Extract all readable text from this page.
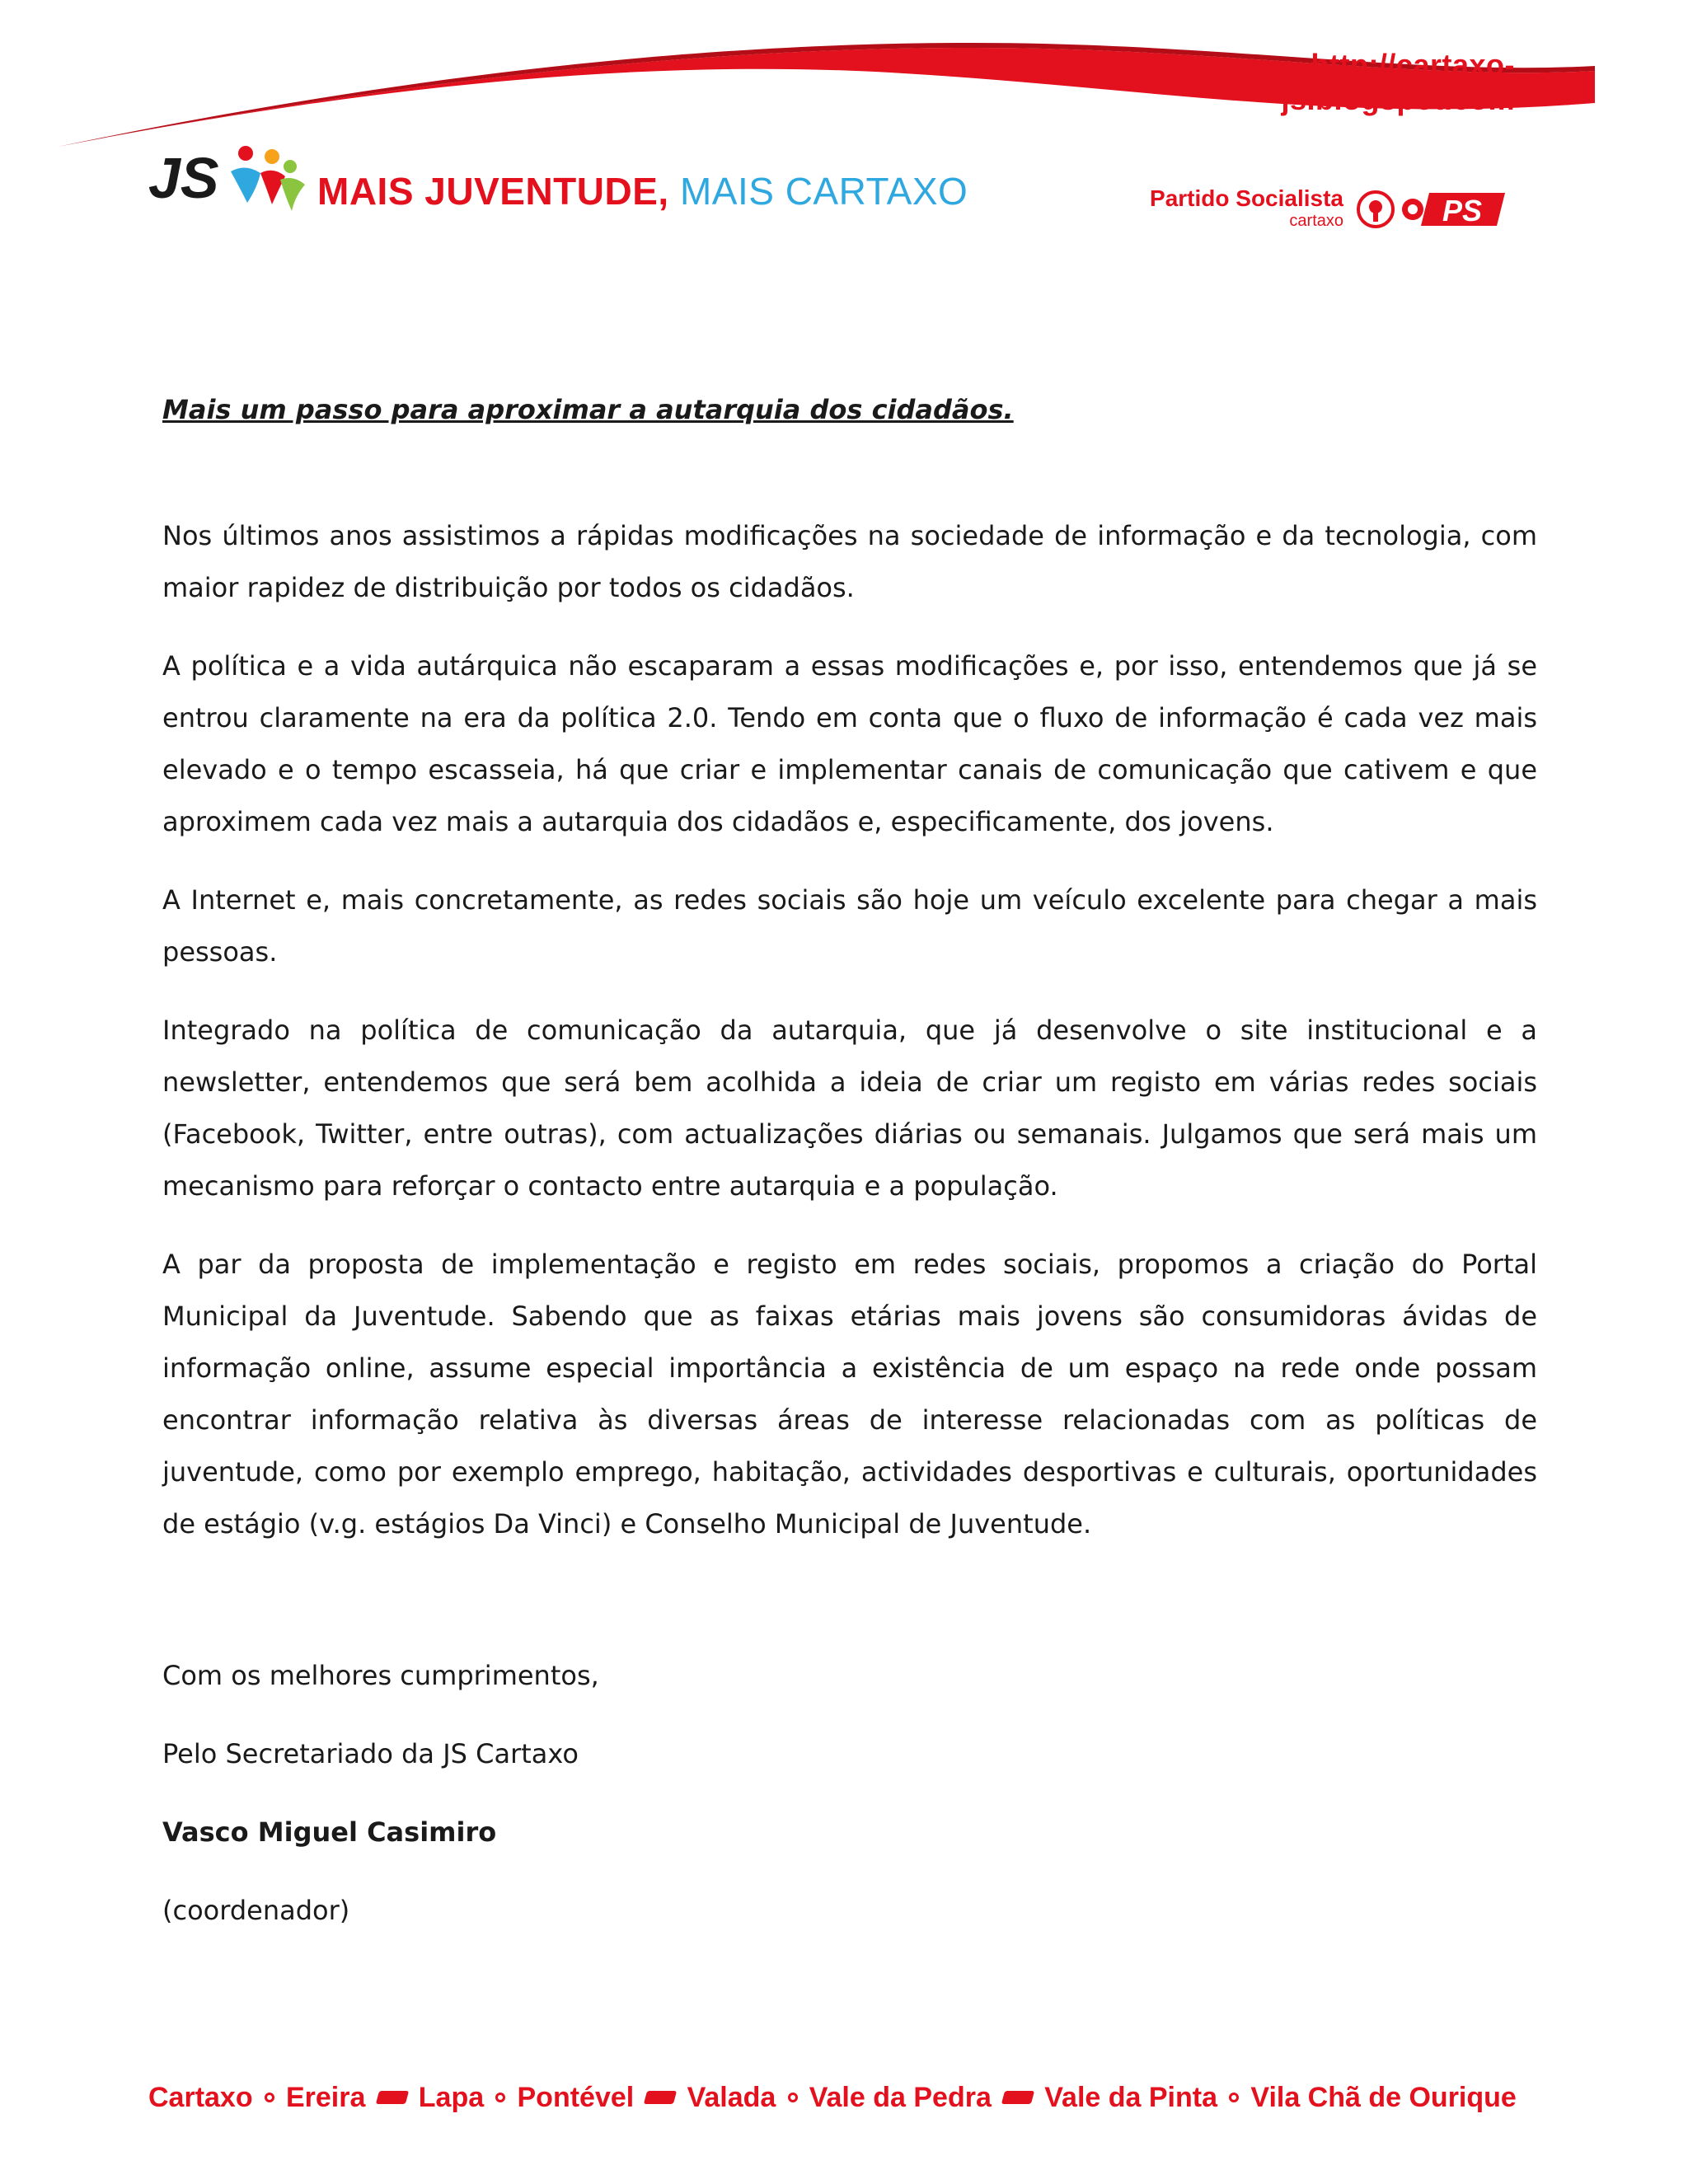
http://cartaxo-js.blogspot.com
JS	MAIS JUVENTUDE, MAIS CARTAXO	Partido Socialista
cartaxo	PS

Mais um passo para aproximar a autarquia dos cidadãos.

Nos últimos anos assistimos a rápidas modificações na sociedade de informação e da tecnologia, com maior rapidez de distribuição por todos os cidadãos.

A política e a vida autárquica não escaparam a essas modificações e, por isso, entendemos que já se entrou claramente na era da política 2.0. Tendo em conta que o fluxo de informação é cada vez mais elevado e o tempo escasseia, há que criar e implementar canais de comunicação que cativem e que aproximem cada vez mais a autarquia dos cidadãos e, especificamente, dos jovens.

A Internet e, mais concretamente, as redes sociais são hoje um veículo excelente para chegar a mais pessoas.

Integrado na política de comunicação da autarquia, que já desenvolve o site institucional e a newsletter, entendemos que será bem acolhida a ideia de criar um registo em várias redes sociais (Facebook, Twitter, entre outras), com actualizações diárias ou semanais. Julgamos que será mais um mecanismo para reforçar o contacto entre autarquia e a população.

A par da proposta de implementação e registo em redes sociais, propomos a criação do Portal Municipal da Juventude. Sabendo que as faixas etárias mais jovens são consumidoras ávidas de informação online, assume especial importância a existência de um espaço na rede onde possam encontrar informação relativa às diversas áreas de interesse relacionadas com as políticas de juventude, como por exemplo emprego, habitação, actividades desportivas e culturais, oportunidades de estágio (v.g. estágios Da Vinci) e Conselho Municipal de Juventude.

Com os melhores cumprimentos,

Pelo Secretariado da JS Cartaxo

Vasco Miguel Casimiro

(coordenador)

Cartaxo Ereira Lapa Pontével Valada Vale da Pedra Vale da Pinta Vila Chã de Ourique
